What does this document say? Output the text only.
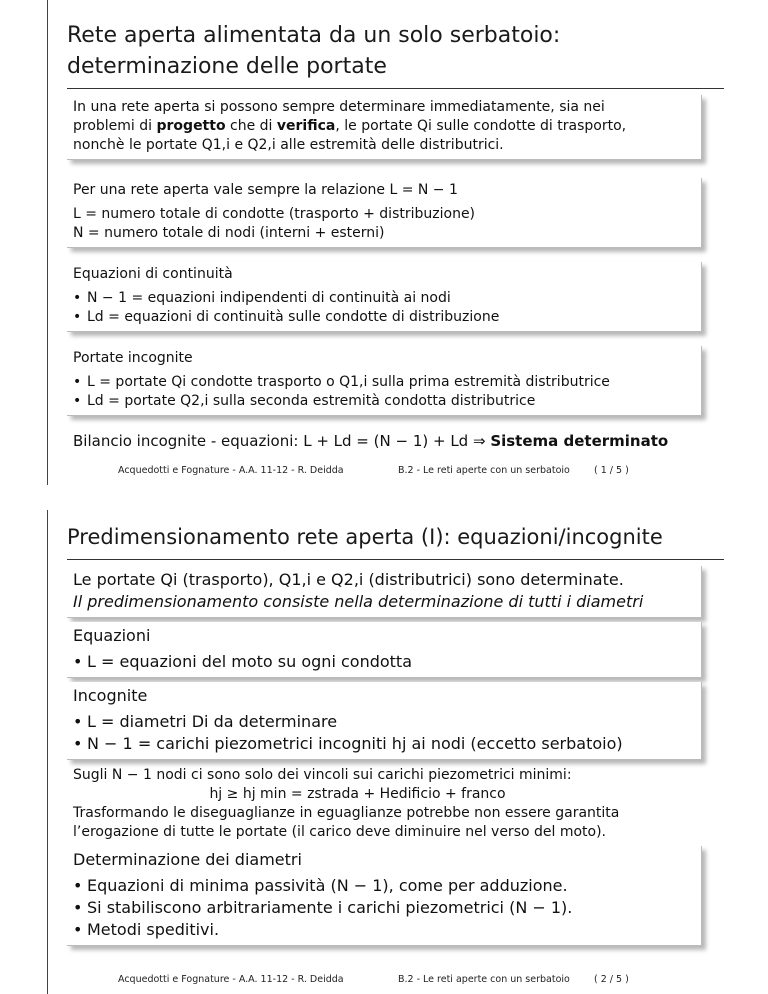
Rete aperta alimentata da un solo serbatoio:
determinazione delle portate
In una rete aperta si possono sempre determinare immediatamente, sia nei
problemi di progetto che di verifica, le portate Qi sulle condotte di trasporto,
nonchè le portate Q1,i e Q2,i alle estremità delle distributrici.
Per una rete aperta vale sempre la relazione L = N − 1
L = numero totale di condotte (trasporto + distribuzione)
N = numero totale di nodi (interni + esterni)
Equazioni di continuità
• N − 1 = equazioni indipendenti di continuità ai nodi
• Ld = equazioni di continuità sulle condotte di distribuzione
Portate incognite
• L = portate Qi condotte trasporto o Q1,i sulla prima estremità distributrice
• Ld = portate Q2,i sulla seconda estremità condotta distributrice
Bilancio incognite - equazioni: L + Ld = (N − 1) + Ld ⇒ Sistema determinato
Acquedotti e Fognature - A.A. 11-12 - R. Deidda	B.2 - Le reti aperte con un serbatoio	( 1 / 5 )
Predimensionamento rete aperta (I): equazioni/incognite
Le portate Qi (trasporto), Q1,i e Q2,i (distributrici) sono determinate.
Il predimensionamento consiste nella determinazione di tutti i diametri
Equazioni
• L = equazioni del moto su ogni condotta
Incognite
• L = diametri Di da determinare
• N − 1 = carichi piezometrici incogniti hj ai nodi (eccetto serbatoio)
Sugli N − 1 nodi ci sono solo dei vincoli sui carichi piezometrici minimi:
hj ≥ hj min = zstrada + Hedificio + franco
Trasformando le diseguaglianze in eguaglianze potrebbe non essere garantita
l’erogazione di tutte le portate (il carico deve diminuire nel verso del moto).
Determinazione dei diametri
• Equazioni di minima passività (N − 1), come per adduzione.
• Si stabiliscono arbitrariamente i carichi piezometrici (N − 1).
• Metodi speditivi.
Acquedotti e Fognature - A.A. 11-12 - R. Deidda	B.2 - Le reti aperte con un serbatoio	( 2 / 5 )
